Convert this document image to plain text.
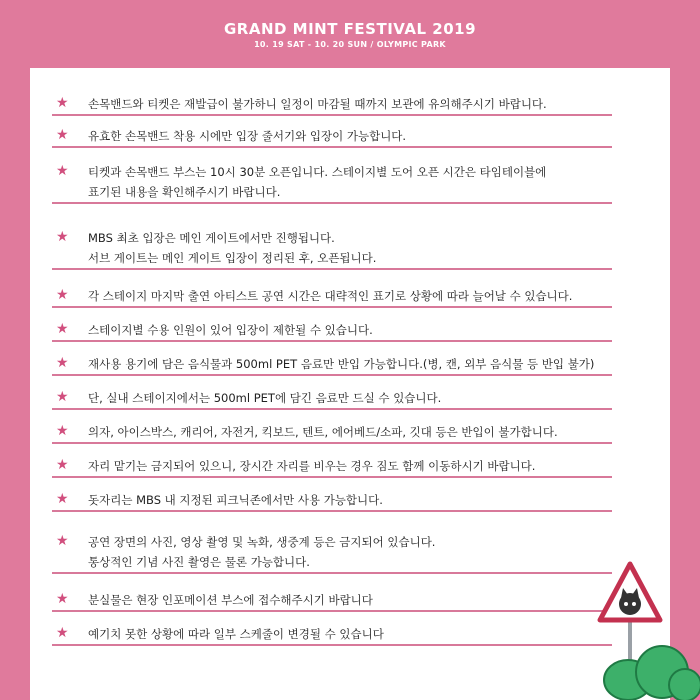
GRAND MINT FESTIVAL 2019
10. 19 SAT - 10. 20 SUN / OLYMPIC PARK
★ 손목밴드와 티켓은 재발급이 불가하니 일정이 마감될 때까지 보관에 유의해주시기 바랍니다.
★ 유효한 손목밴드 착용 시에만 입장 줄서기와 입장이 가능합니다.
★ 티켓과 손목밴드 부스는 10시 30분 오픈입니다. 스테이지별 도어 오픈 시간은 타임테이블에
표기된 내용을 확인해주시기 바랍니다.
★ MBS 최초 입장은 메인 게이트에서만 진행됩니다.
서브 게이트는 메인 게이트 입장이 정리된 후, 오픈됩니다.
★ 각 스테이지 마지막 출연 아티스트 공연 시간은 대략적인 표기로 상황에 따라 늘어날 수 있습니다.
★ 스테이지별 수용 인원이 있어 입장이 제한될 수 있습니다.
★ 재사용 용기에 담은 음식물과 500ml PET 음료만 반입 가능합니다.(병, 캔, 외부 음식물 등 반입 불가)
★ 단, 실내 스테이지에서는 500ml PET에 담긴 음료만 드실 수 있습니다.
★ 의자, 아이스박스, 캐리어, 자전거, 킥보드, 텐트, 에어베드/소파, 깃대 등은 반입이 불가합니다.
★ 자리 맡기는 금지되어 있으니, 장시간 자리를 비우는 경우 짐도 함께 이동하시기 바랍니다.
★ 돗자리는 MBS 내 지정된 피크닉존에서만 사용 가능합니다.
★ 공연 장면의 사진, 영상 촬영 및 녹화, 생중계 등은 금지되어 있습니다.
통상적인 기념 사진 촬영은 물론 가능합니다.
★ 분실물은 현장 인포메이션 부스에 접수해주시기 바랍니다
★ 예기치 못한 상황에 따라 일부 스케줄이 변경될 수 있습니다
